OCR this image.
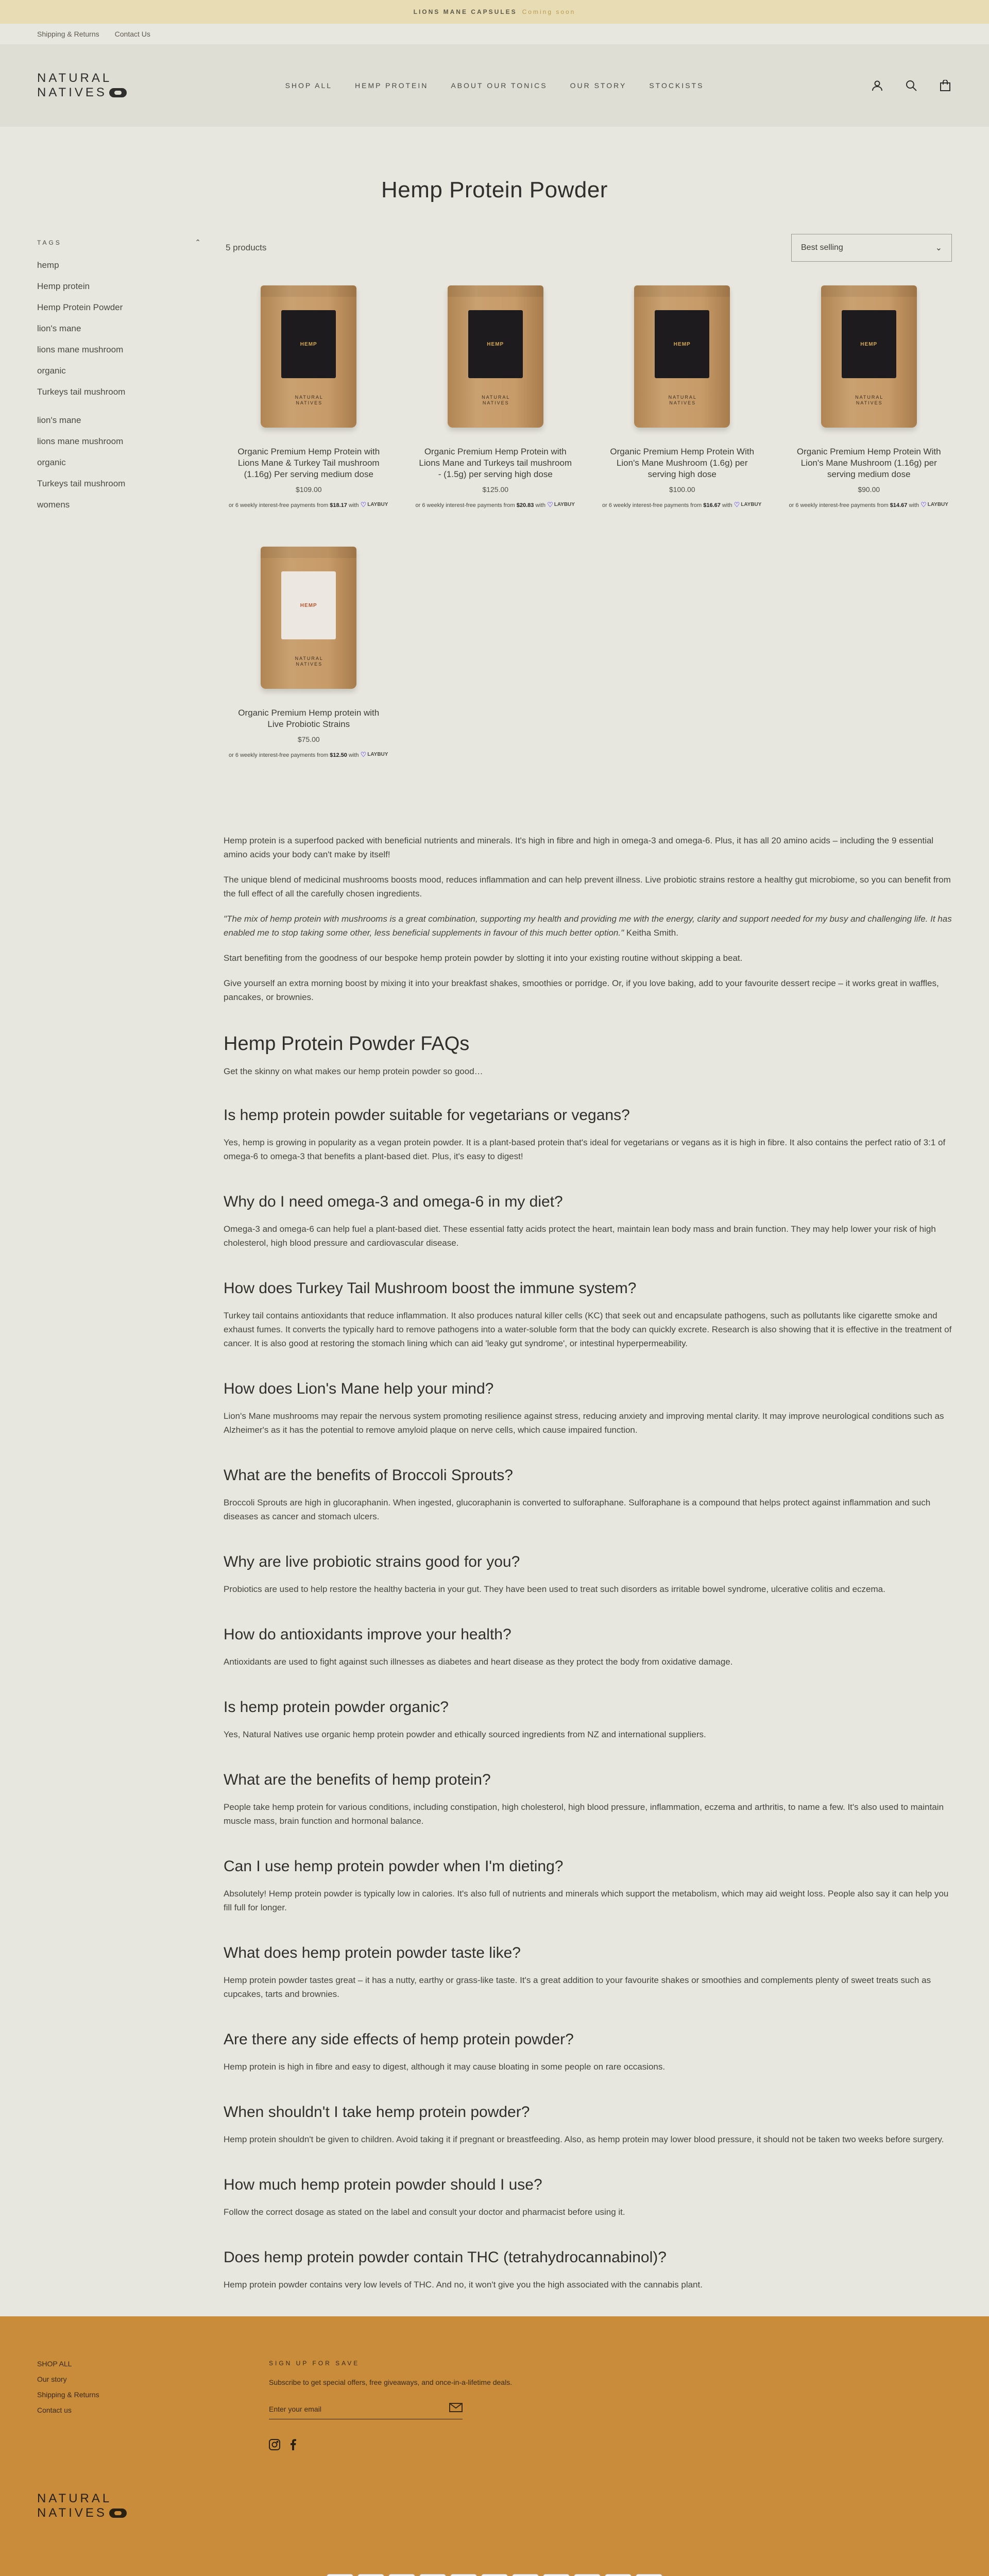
LIONS MANE CAPSULES Coming soon
Shipping & Returns Contact Us
NATURAL
NATIVES	SHOP ALL	HEMP PROTEIN	ABOUT OUR TONICS	OUR STORY	STOCKISTS
Hemp Protein Powder
TAGS	⌃
hemp
Hemp protein
Hemp Protein Powder
lion's mane
lions mane mushroom
organic
Turkeys tail mushroom
lion's mane
lions mane mushroom
organic
Turkeys tail mushroom
womens
5 products	Best selling	⌄
HEMP
NATURAL
NATIVES
Organic Premium Hemp Protein with Lions Mane & Turkey Tail mushroom (1.16g) Per serving medium dose
$109.00
or 6 weekly interest-free payments from $18.17 with ♡ LAYBUY
HEMP
NATURAL
NATIVES
Organic Premium Hemp Protein with Lions Mane and Turkeys tail mushroom - (1.5g) per serving high dose
$125.00
or 6 weekly interest-free payments from $20.83 with ♡ LAYBUY
HEMP
NATURAL
NATIVES
Organic Premium Hemp Protein With Lion's Mane Mushroom (1.6g) per serving high dose
$100.00
or 6 weekly interest-free payments from $16.67 with ♡ LAYBUY
HEMP
NATURAL
NATIVES
Organic Premium Hemp Protein With Lion's Mane Mushroom (1.16g) per serving medium dose
$90.00
or 6 weekly interest-free payments from $14.67 with ♡ LAYBUY
HEMP
NATURAL
NATIVES
Organic Premium Hemp protein with Live Probiotic Strains
$75.00
or 6 weekly interest-free payments from $12.50 with ♡ LAYBUY

Hemp protein is a superfood packed with beneficial nutrients and minerals. It's high in fibre and high in omega-3 and omega-6. Plus, it has all 20 amino acids – including the 9 essential amino acids your body can't make by itself!

The unique blend of medicinal mushrooms boosts mood, reduces inflammation and can help prevent illness. Live probiotic strains restore a healthy gut microbiome, so you can benefit from the full effect of all the carefully chosen ingredients.

"The mix of hemp protein with mushrooms is a great combination, supporting my health and providing me with the energy, clarity and support needed for my busy and challenging life. It has enabled me to stop taking some other, less beneficial supplements in favour of this much better option." Keitha Smith.

Start benefiting from the goodness of our bespoke hemp protein powder by slotting it into your existing routine without skipping a beat.

Give yourself an extra morning boost by mixing it into your breakfast shakes, smoothies or porridge. Or, if you love baking, add to your favourite dessert recipe – it works great in waffles, pancakes, or brownies.

Hemp Protein Powder FAQs
Get the skinny on what makes our hemp protein powder so good…
Is hemp protein powder suitable for vegetarians or vegans?

Yes, hemp is growing in popularity as a vegan protein powder. It is a plant-based protein that's ideal for vegetarians or vegans as it is high in fibre. It also contains the perfect ratio of 3:1 of omega-6 to omega-3 that benefits a plant-based diet. Plus, it's easy to digest!

Why do I need omega-3 and omega-6 in my diet?

Omega-3 and omega-6 can help fuel a plant-based diet. These essential fatty acids protect the heart, maintain lean body mass and brain function. They may help lower your risk of high cholesterol, high blood pressure and cardiovascular disease.

How does Turkey Tail Mushroom boost the immune system?

Turkey tail contains antioxidants that reduce inflammation. It also produces natural killer cells (KC) that seek out and encapsulate pathogens, such as pollutants like cigarette smoke and exhaust fumes. It converts the typically hard to remove pathogens into a water-soluble form that the body can quickly excrete. Research is also showing that it is effective in the treatment of cancer. It is also good at restoring the stomach lining which can aid 'leaky gut syndrome', or intestinal hyperpermeability.

How does Lion's Mane help your mind?

Lion's Mane mushrooms may repair the nervous system promoting resilience against stress, reducing anxiety and improving mental clarity. It may improve neurological conditions such as Alzheimer's as it has the potential to remove amyloid plaque on nerve cells, which cause impaired function.

What are the benefits of Broccoli Sprouts?

Broccoli Sprouts are high in glucoraphanin. When ingested, glucoraphanin is converted to sulforaphane. Sulforaphane is a compound that helps protect against inflammation and such diseases as cancer and stomach ulcers.

Why are live probiotic strains good for you?

Probiotics are used to help restore the healthy bacteria in your gut. They have been used to treat such disorders as irritable bowel syndrome, ulcerative colitis and eczema.

How do antioxidants improve your health?

Antioxidants are used to fight against such illnesses as diabetes and heart disease as they protect the body from oxidative damage.

Is hemp protein powder organic?

Yes, Natural Natives use organic hemp protein powder and ethically sourced ingredients from NZ and international suppliers.

What are the benefits of hemp protein?

People take hemp protein for various conditions, including constipation, high cholesterol, high blood pressure, inflammation, eczema and arthritis, to name a few. It's also used to maintain muscle mass, brain function and hormonal balance.

Can I use hemp protein powder when I'm dieting?

Absolutely! Hemp protein powder is typically low in calories. It's also full of nutrients and minerals which support the metabolism, which may aid weight loss. People also say it can help you fill full for longer.

What does hemp protein powder taste like?

Hemp protein powder tastes great – it has a nutty, earthy or grass-like taste. It's a great addition to your favourite shakes or smoothies and complements plenty of sweet treats such as cupcakes, tarts and brownies.

Are there any side effects of hemp protein powder?

Hemp protein is high in fibre and easy to digest, although it may cause bloating in some people on rare occasions.

When shouldn't I take hemp protein powder?

Hemp protein shouldn't be given to children. Avoid taking it if pregnant or breastfeeding. Also, as hemp protein may lower blood pressure, it should not be taken two weeks before surgery.

How much hemp protein powder should I use?

Follow the correct dosage as stated on the label and consult your doctor and pharmacist before using it.

Does hemp protein powder contain THC (tetrahydrocannabinol)?

Hemp protein powder contains very low levels of THC. And no, it won't give you the high associated with the cannabis plant.

SHOP ALL
Our story
Shipping & Returns
Contact us
SIGN UP FOR SAVE
Subscribe to get special offers, free giveaways, and once-in-a-lifetime deals.
Enter your email
NATURAL
NATIVES
